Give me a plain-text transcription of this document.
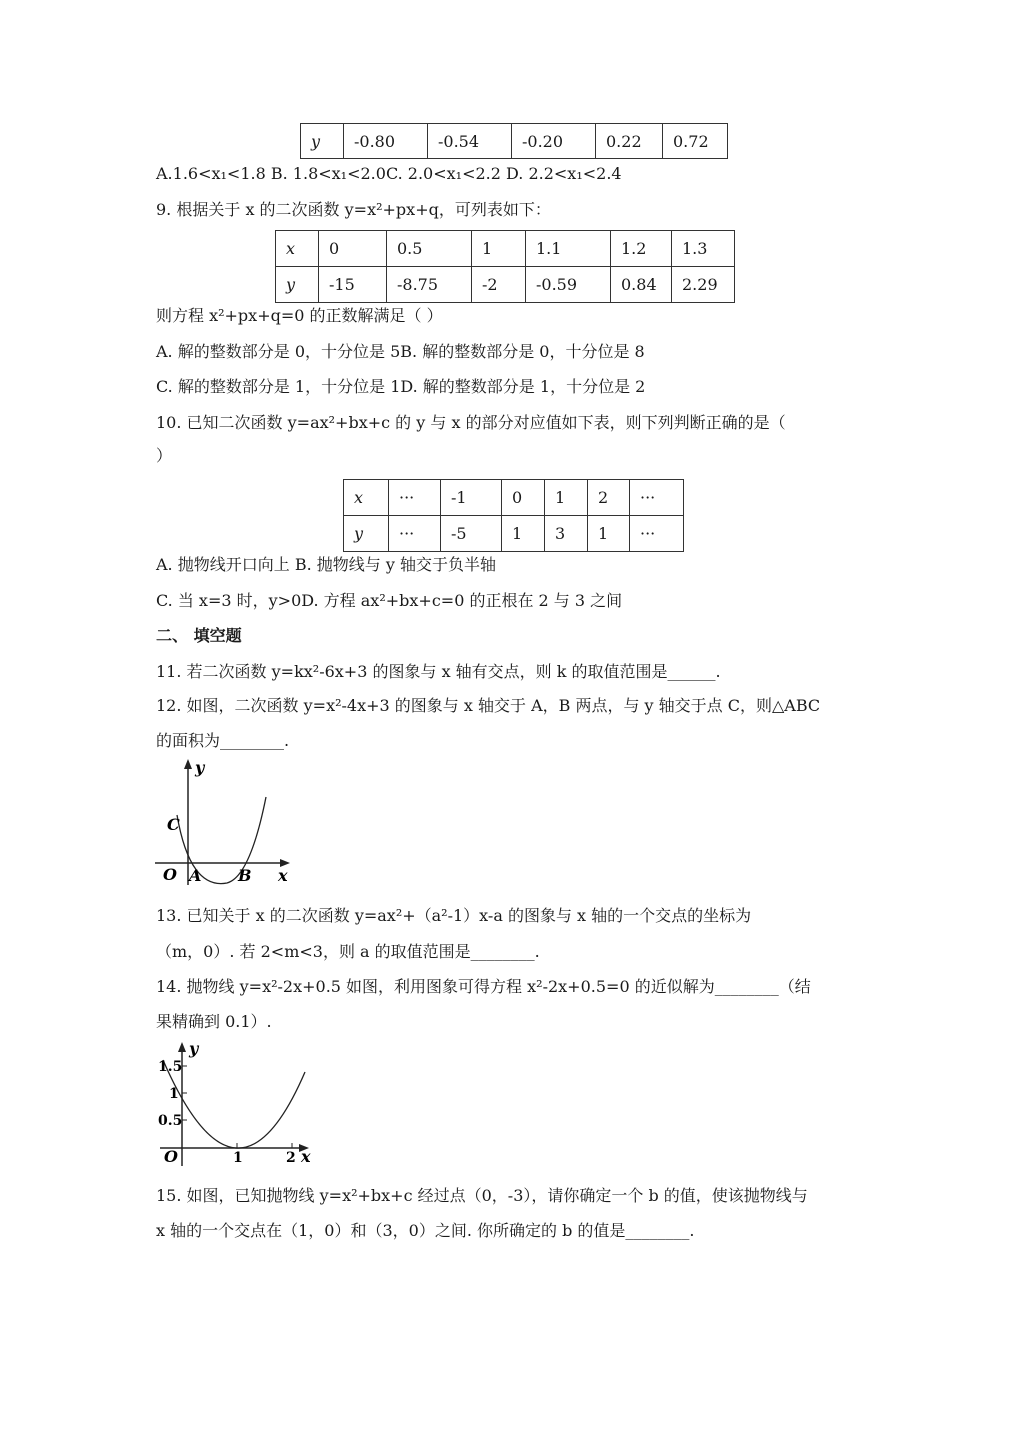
y	-0.80	-0.54	-0.20	0.22	0.72
A.1.6<x₁<1.8 B. 1.8<x₁<2.0C. 2.0<x₁<2.2 D. 2.2<x₁<2.4
9. 根据关于 x 的二次函数 y=x²+px+q，可列表如下：
x	0	0.5	1	1.1	1.2	1.3
y	-15	-8.75	-2	-0.59	0.84	2.29
则方程 x²+px+q=0 的正数解满足（ ）
A. 解的整数部分是 0，十分位是 5B. 解的整数部分是 0，十分位是 8
C. 解的整数部分是 1，十分位是 1D. 解的整数部分是 1，十分位是 2
10. 已知二次函数 y=ax²+bx+c 的 y 与 x 的部分对应值如下表，则下列判断正确的是（
）
x	···	-1	0	1	2	···
y	···	-5	1	3	1	···
A. 抛物线开口向上 B. 抛物线与 y 轴交于负半轴
C. 当 x=3 时，y>0D. 方程 ax²+bx+c=0 的正根在 2 与 3 之间
二、 填空题
11. 若二次函数 y=kx²-6x+3 的图象与 x 轴有交点，则 k 的取值范围是______.
12. 如图，二次函数 y=x²-4x+3 的图象与 x 轴交于 A，B 两点，与 y 轴交于点 C，则△ABC
的面积为________.
y
x
O
C
A B
13. 已知关于 x 的二次函数 y=ax²+（a²-1）x-a 的图象与 x 轴的一个交点的坐标为
（m，0）. 若 2<m<3，则 a 的取值范围是________.
14. 抛物线 y=x²-2x+0.5 如图，利用图象可得方程 x²-2x+0.5=0 的近似解为________（结
果精确到 0.1）.
y
x
O
1.5
1
0.5
1	2
15. 如图，已知抛物线 y=x²+bx+c 经过点（0，-3），请你确定一个 b 的值，使该抛物线与
x 轴的一个交点在（1，0）和（3，0）之间. 你所确定的 b 的值是________.
